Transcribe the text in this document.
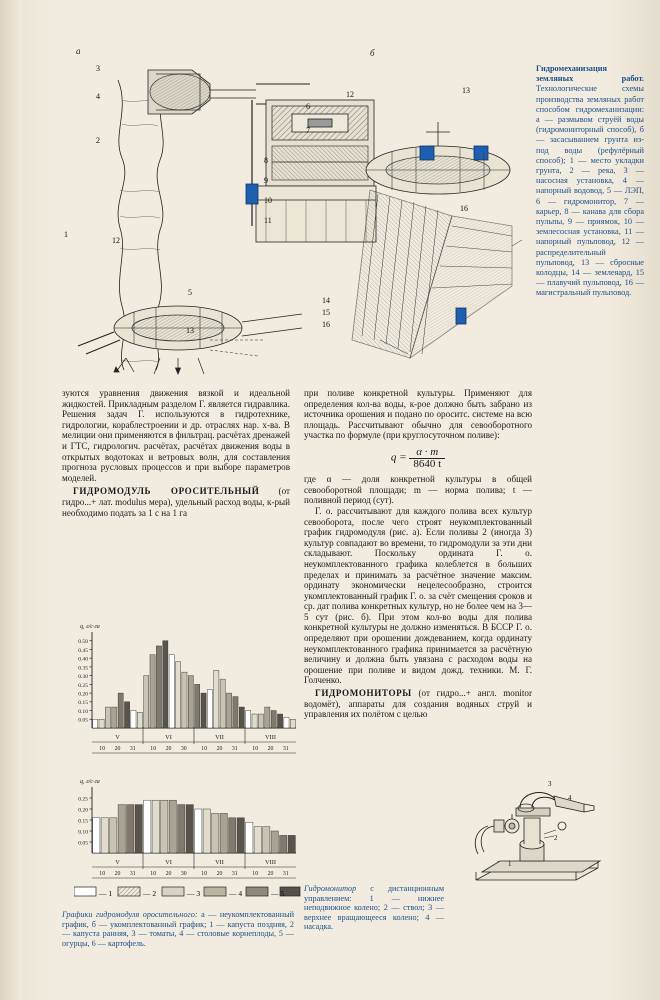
а	б
3
4
2
1
12
5
13
6
7
8
9
10
11
12	13
16
14
15
16
Гидромеханизация земляных работ. Технологические схемы производства земляных работ способом гидромеханизации: а — размывом струёй воды (гидромониторный способ), б — засасыванием грунта из-под воды (рефулёрный способ); 1 — место укладки грунта, 2 — река, 3 — насосная установка, 4 — напорный водовод, 5 — ЛЭП, 6 — гидромонитор, 7 — карьер, 8 — канава для сбора пульпы, 9 — приямок, 10 — землесосная установка, 11 — напорный пульповод, 12 — распределительный пульповод, 13 — сбросные колодцы, 14 — землеяард, 15 — плавучий пульповод, 16 — магистральный пульповод.

зуются уравнения движения вязкой и идеальной жидкостей. Прикладным разделом Г. является гидравлика. Решения задач Г. используются в гидротехнике, гидрологии, кораблестроении и др. отраслях нар. х-ва. В мелиции они применяются в фильтрац. расчётах дренажей и ГТС, гидрологич. расчётах, расчётах движения воды в открытых водотоках и ветровых волн, для составления прогноза русловых процессов и при выборе параметров моделей.

ГИДРОМОДУЛЬ ОРОСИТЕЛЬНЫЙ (от гидро...+ лат. modulus мера), удельный расход воды, к-рый необходимо подать за 1 с на 1 га

при поливе конкретной культуры. Применяют для определения кол-ва воды, к-рое должно быть забрано из источника орошения и подано по ороситс. системе на всю площадь. Рассчитывают обычно для севооборотного участка по формуле (при круглосуточном поливе):

$q = \frac{\alpha \cdot m}{8640 t}$

где α — доля конкретной культуры в общей севооборотной площади; m — норма полива; t — поливной период (сут).

Г. о. рассчитывают для каждого полива всех культур севооборота, после чего строят неукомплектованный график гидромодуля (рис. а). Если поливы 2 (иногда 3) культур совпадают во времени, то гидромодули за эти дни складывают. Поскольку ординатa Г. о. неукомплектованного графика колеблется в больших пределах и принимать за расчётное значение максим. ординату экономически нецелесообразно, строится укомплектованный график Г. о. за счёт смещения сроков и ср. дат полива конкретных культур, но не более чем на 3—5 сут (рис. б). При этом кол-во воды для полива конкретной культуры не должно изменяться. В БССР Г. о. определяют при орошении дождеванием, когда ординату неукомплектованного графика принимается за расчётную величину и должна быть увязана с расходом воды на орошение при поливе и видом дожд. техники. М. Г. Голченко.

ГИДРОМОНИТОРЫ (от гидро...+ англ. monitor водомёт), аппараты для создания водяных струй и управления их полётом с целью

0.05
0.10
0.15
0.20
0.25
0.30
0.35
0.40
0.45
0.50
q, л/с·га
V	VI	VII	VIII
10 20 31	10 20 30	10 20 31	10 20 31
0.05
0.10
0.15
0.20
0.25
q, л/с·га
V	VI	VII	VIII
10 20 31	10 20 30	10 20 31	10 20 31
— 1	— 2	— 3	— 4	— 5
Графики гидромодуля оросительного: а — неукомплектованный график, б — укомплектованный график; 1 — капуста поздняя, 2 — капуста ранняя, 3 — томаты, 4 — столовые корнеплоды, 5 — огурцы, 6 — картофель.
3
4
2
1
Гидромонитор с дистанционным управлением: 1 — нижнее неподвижное колено; 2 — ствол; 3 — верхнее вращающееся колено; 4 — насадка.
